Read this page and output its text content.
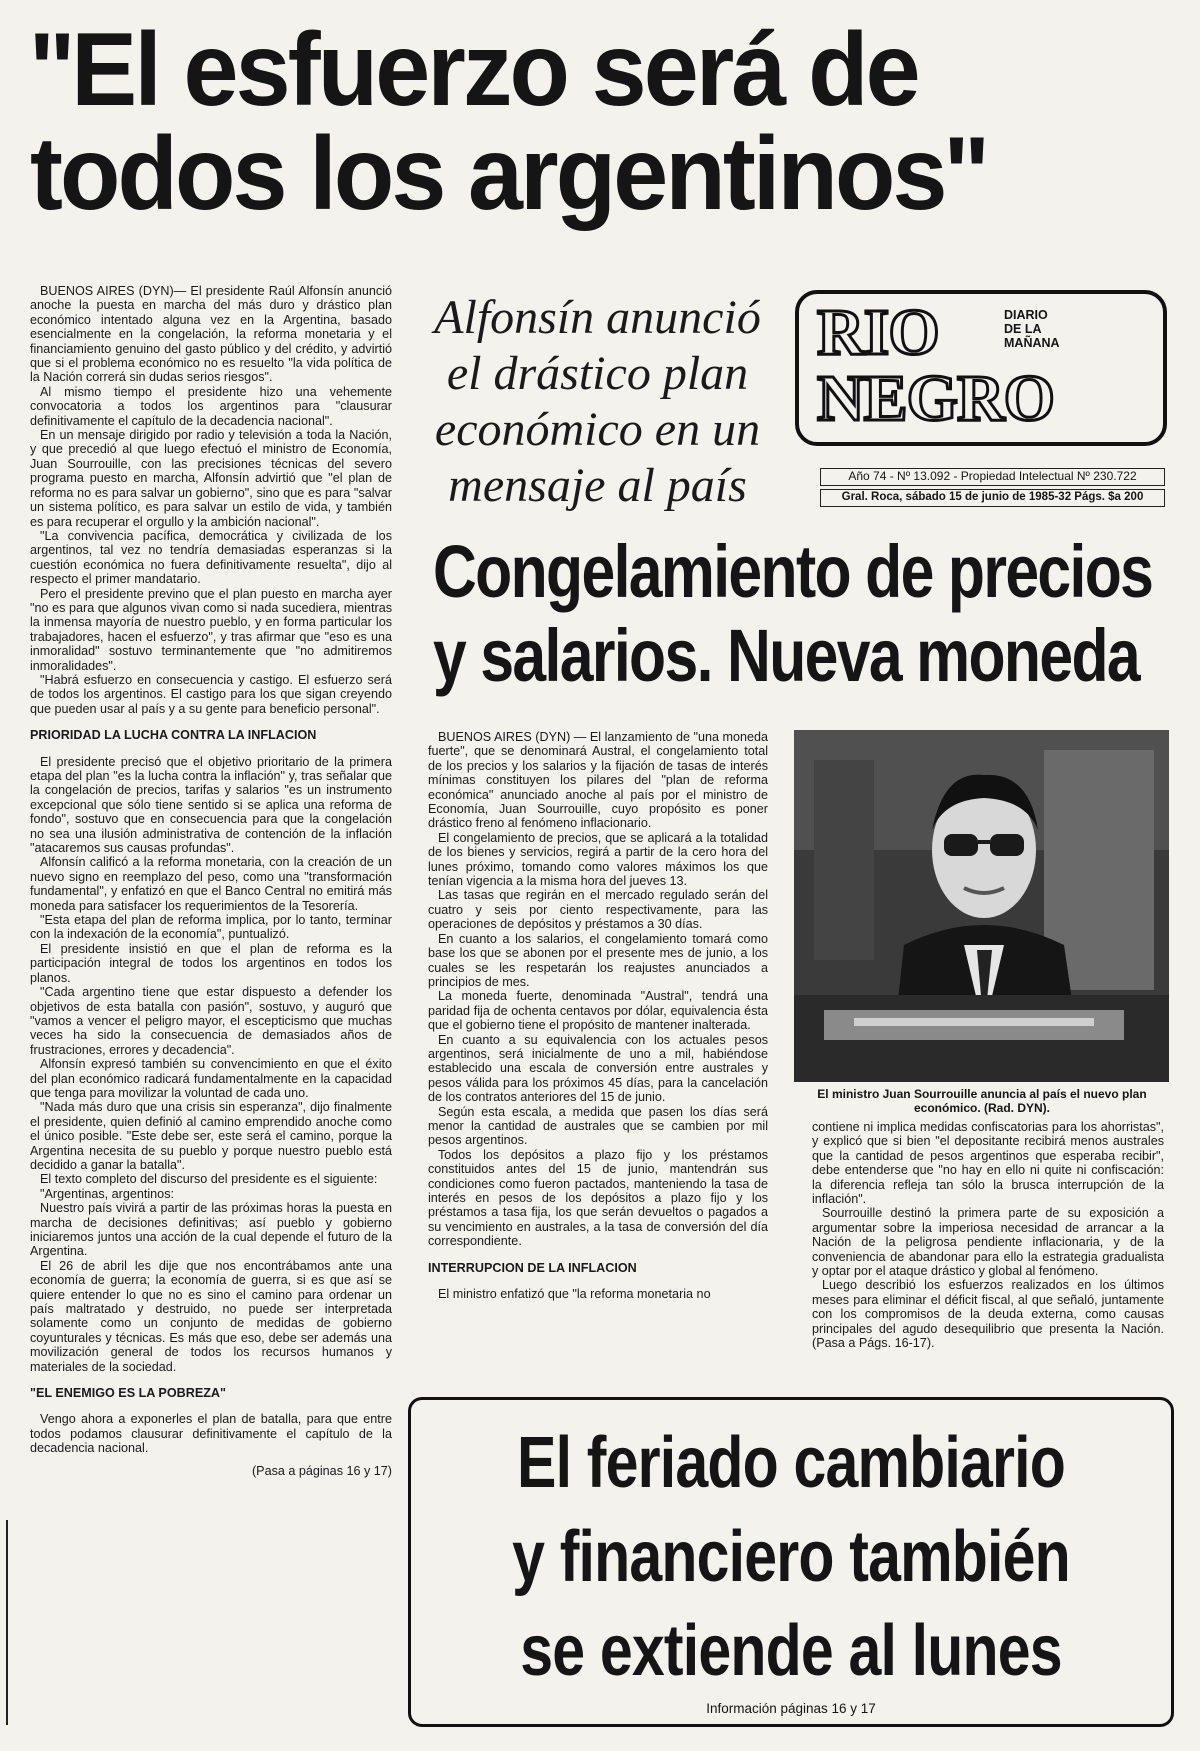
''El esfuerzo será de
todos los argentinos''

BUENOS AIRES (DYN)— El presidente Raúl Alfonsín anunció anoche la puesta en marcha del más duro y drástico plan económico intentado alguna vez en la Argentina, basado esencialmente en la congelación, la reforma monetaria y el financiamiento genuino del gasto público y del crédito, y advirtió que si el problema económico no es resuelto "la vida política de la Nación correrá sin dudas serios riesgos".

Al mismo tiempo el presidente hizo una vehemente convocatoria a todos los argentinos para "clausurar definitivamente el capítulo de la decadencia nacional".

En un mensaje dirigido por radio y televisión a toda la Nación, y que precedió al que luego efectuó el ministro de Economía, Juan Sourrouille, con las precisiones técnicas del severo programa puesto en marcha, Alfonsín advirtió que "el plan de reforma no es para salvar un gobierno", sino que es para "salvar un sistema político, es para salvar un estilo de vida, y también es para recuperar el orgullo y la ambición nacional".

"La convivencia pacífica, democrática y civilizada de los argentinos, tal vez no tendría demasiadas esperanzas si la cuestión económica no fuera definitivamente resuelta", dijo al respecto el primer mandatario.

Pero el presidente previno que el plan puesto en marcha ayer "no es para que algunos vivan como si nada sucediera, mientras la inmensa mayoría de nuestro pueblo, y en forma particular los trabajadores, hacen el esfuerzo", y tras afirmar que "eso es una inmoralidad" sostuvo terminantemente que "no admitiremos inmoralidades".

"Habrá esfuerzo en consecuencia y castigo. El esfuerzo será de todos los argentinos. El castigo para los que sigan creyendo que pueden usar al país y a su gente para beneficio personal".

PRIORIDAD LA LUCHA CONTRA LA INFLACION

El presidente precisó que el objetivo prioritario de la primera etapa del plan "es la lucha contra la inflación" y, tras señalar que la congelación de precios, tarifas y salarios "es un instrumento excepcional que sólo tiene sentido si se aplica una reforma de fondo", sostuvo que en consecuencia para que la congelación no sea una ilusión administrativa de contención de la inflación "atacaremos sus causas profundas".

Alfonsín calificó a la reforma monetaria, con la creación de un nuevo signo en reemplazo del peso, como una "transformación fundamental", y enfatizó en que el Banco Central no emitirá más moneda para satisfacer los requerimientos de la Tesorería.

"Esta etapa del plan de reforma implica, por lo tanto, terminar con la indexación de la economía", puntualizó.

El presidente insistió en que el plan de reforma es la participación integral de todos los argentinos en todos los planos.

"Cada argentino tiene que estar dispuesto a defender los objetivos de esta batalla con pasión", sostuvo, y auguró que "vamos a vencer el peligro mayor, el escepticismo que muchas veces ha sido la consecuencia de demasiados años de frustraciones, errores y decadencia".

Alfonsín expresó también su convencimiento en que el éxito del plan económico radicará fundamentalmente en la capacidad que tenga para movilizar la voluntad de cada uno.

"Nada más duro que una crisis sin esperanza", dijo finalmente el presidente, quien definió al camino emprendido anoche como el único posible. "Este debe ser, este será el camino, porque la Argentina necesita de su pueblo y porque nuestro pueblo está decidido a ganar la batalla".

El texto completo del discurso del presidente es el siguiente:

"Argentinas, argentinos:

Nuestro país vivirá a partir de las próximas horas la puesta en marcha de decisiones definitivas; así pueblo y gobierno iniciaremos juntos una acción de la cual depende el futuro de la Argentina.

El 26 de abril les dije que nos encontrábamos ante una economía de guerra; la economía de guerra, si es que así se quiere entender lo que no es sino el camino para ordenar un país maltratado y destruido, no puede ser interpretada solamente como un conjunto de medidas de gobierno coyunturales y técnicas. Es más que eso, debe ser además una movilización general de todos los recursos humanos y materiales de la sociedad.

"EL ENEMIGO ES LA POBREZA"

Vengo ahora a exponerles el plan de batalla, para que entre todos podamos clausurar definitivamente el capítulo de la decadencia nacional.

(Pasa a páginas 16 y 17)

Alfonsín anunció
el drástico plan
económico en un
mensaje al país
RIO
NEGRO
DIARIO
DE LA
MAÑANA
Año 74 - Nº 13.092 - Propiedad Intelectual Nº 230.722
Gral. Roca, sábado 15 de junio de 1985-32 Págs. $a 200
Congelamiento de precios
y salarios. Nueva moneda

BUENOS AIRES (DYN) — El lanzamiento de "una moneda fuerte", que se denominará Austral, el congelamiento total de los precios y los salarios y la fijación de tasas de interés mínimas constituyen los pilares del "plan de reforma económica" anunciado anoche al país por el ministro de Economía, Juan Sourrouille, cuyo propósito es poner drástico freno al fenómeno inflacionario.

El congelamiento de precios, que se aplicará a la totalidad de los bienes y servicios, regirá a partir de la cero hora del lunes próximo, tomando como valores máximos los que tenían vigencia a la misma hora del jueves 13.

Las tasas que regirán en el mercado regulado serán del cuatro y seis por ciento respectivamente, para las operaciones de depósitos y préstamos a 30 días.

En cuanto a los salarios, el congelamiento tomará como base los que se abonen por el presente mes de junio, a los cuales se les respetarán los reajustes anunciados a principios de mes.

La moneda fuerte, denominada "Austral", tendrá una paridad fija de ochenta centavos por dólar, equivalencia ésta que el gobierno tiene el propósito de mantener inalterada.

En cuanto a su equivalencia con los actuales pesos argentinos, será inicialmente de uno a mil, habiéndose establecido una escala de conversión entre australes y pesos válida para los próximos 45 días, para la cancelación de los contratos anteriores del 15 de junio.

Según esta escala, a medida que pasen los días será menor la cantidad de australes que se cambien por mil pesos argentinos.

Todos los depósitos a plazo fijo y los préstamos constituidos antes del 15 de junio, mantendrán sus condiciones como fueron pactados, manteniendo la tasa de interés en pesos de los depósitos a plazo fijo y los préstamos a tasa fija, los que serán devueltos o pagados a su vencimiento en australes, a la tasa de conversión del día correspondiente.

INTERRUPCION DE LA INFLACION

El ministro enfatizó que "la reforma monetaria no

El ministro Juan Sourrouille anuncia al país el nuevo plan económico. (Rad. DYN).

contiene ni implica medidas confiscatorias para los ahorristas", y explicó que si bien "el depositante recibirá menos australes que la cantidad de pesos argentinos que esperaba recibir", debe entenderse que "no hay en ello ni quite ni confiscación: la diferencia refleja tan sólo la brusca interrupción de la inflación".

Sourrouille destinó la primera parte de su exposición a argumentar sobre la imperiosa necesidad de arrancar a la Nación de la peligrosa pendiente inflacionaria, y de la conveniencia de abandonar para ello la estrategia gradualista y optar por el ataque drástico y global al fenómeno.

Luego describió los esfuerzos realizados en los últimos meses para eliminar el déficit fiscal, al que señaló, juntamente con los compromisos de la deuda externa, como causas principales del agudo desequilibrio que presenta la Nación. (Pasa a Págs. 16-17).

El feriado cambiario
y financiero también
se extiende al lunes
Información páginas 16 y 17
